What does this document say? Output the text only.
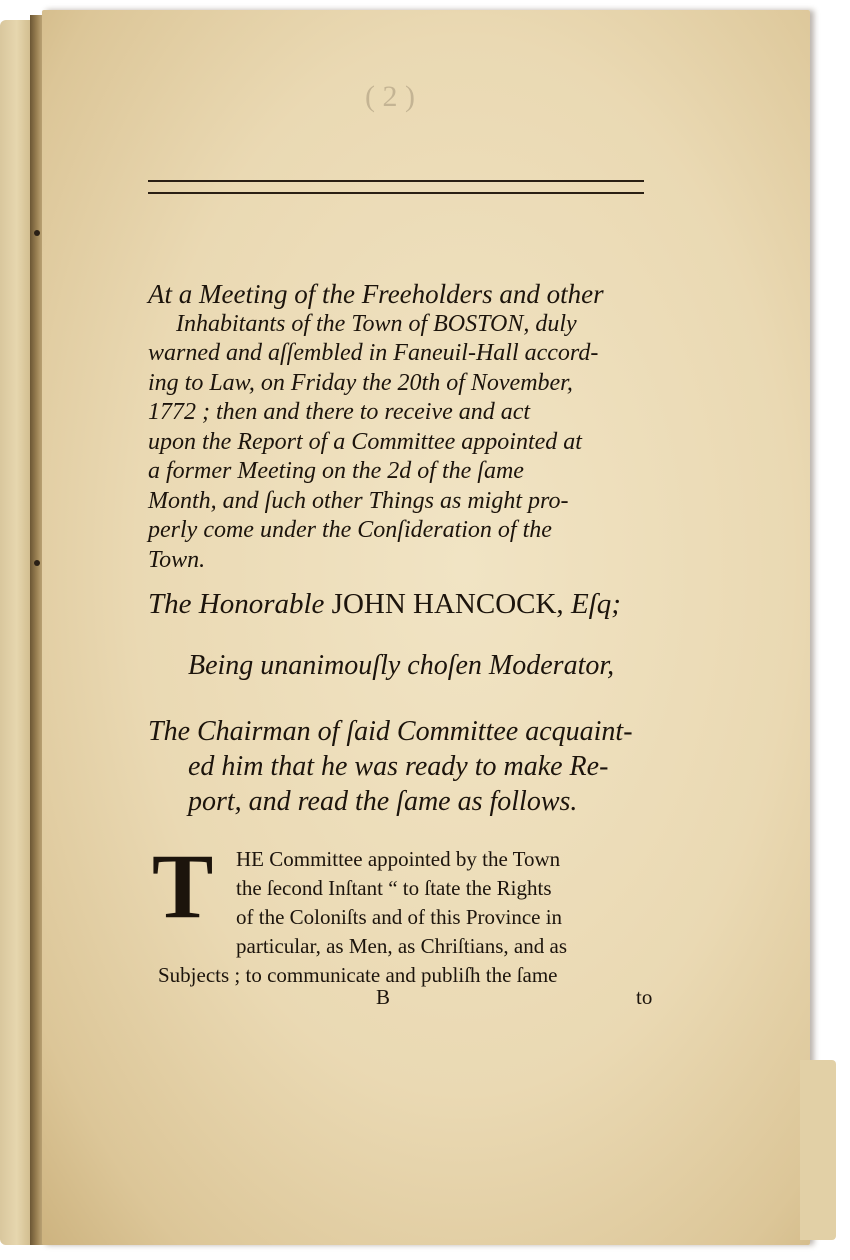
( 2 )
At a Meeting of the Freeholders and other
Inhabitants of the Town of BOSTON, duly
warned and aſſembled in Faneuil-Hall accord-
ing to Law, on Friday the 20th of November,
1772 ; then and there to receive and act
upon the Report of a Committee appointed at
a former Meeting on the 2d of the ſame
Month, and ſuch other Things as might pro-
perly come under the Conſideration of the
Town.
The Honorable JOHN HANCOCK, Eſq;
Being unanimouſly choſen Moderator,
The Chairman of ſaid Committee acquaint-
ed him that he was ready to make Re-
port, and read the ſame as follows.
T	HE Committee appointed by the Town
the ſecond Inſtant “ to ſtate the Rights
of the Coloniſts and of this Province in
particular, as Men, as Chriſtians, and as
Subjects ; to communicate and publiſh the ſame
B	to
